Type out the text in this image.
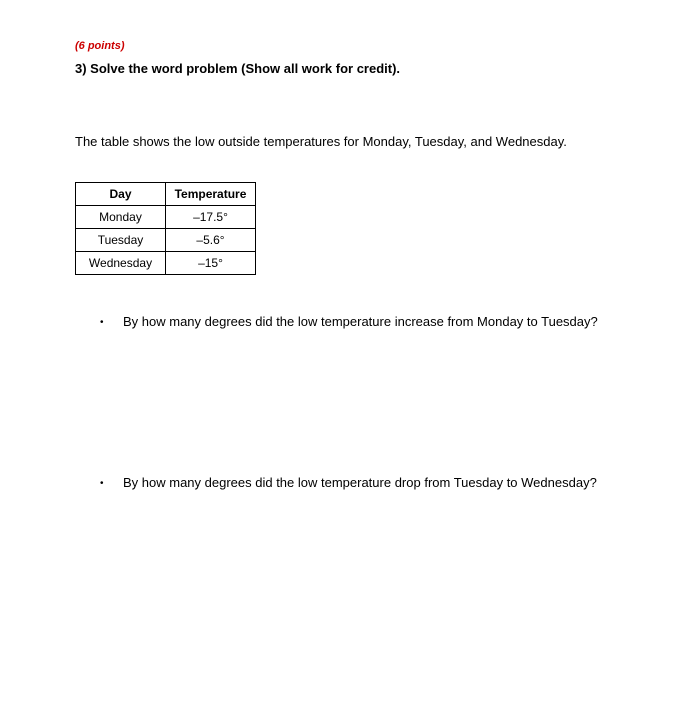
(6 points)
3) Solve the word problem (Show all work for credit).
The table shows the low outside temperatures for Monday, Tuesday, and Wednesday.
Day	Temperature
Monday	–17.5°
Tuesday	–5.6°
Wednesday	–15°
•	By how many degrees did the low temperature increase from Monday to Tuesday?
•	By how many degrees did the low temperature drop from Tuesday to Wednesday?
